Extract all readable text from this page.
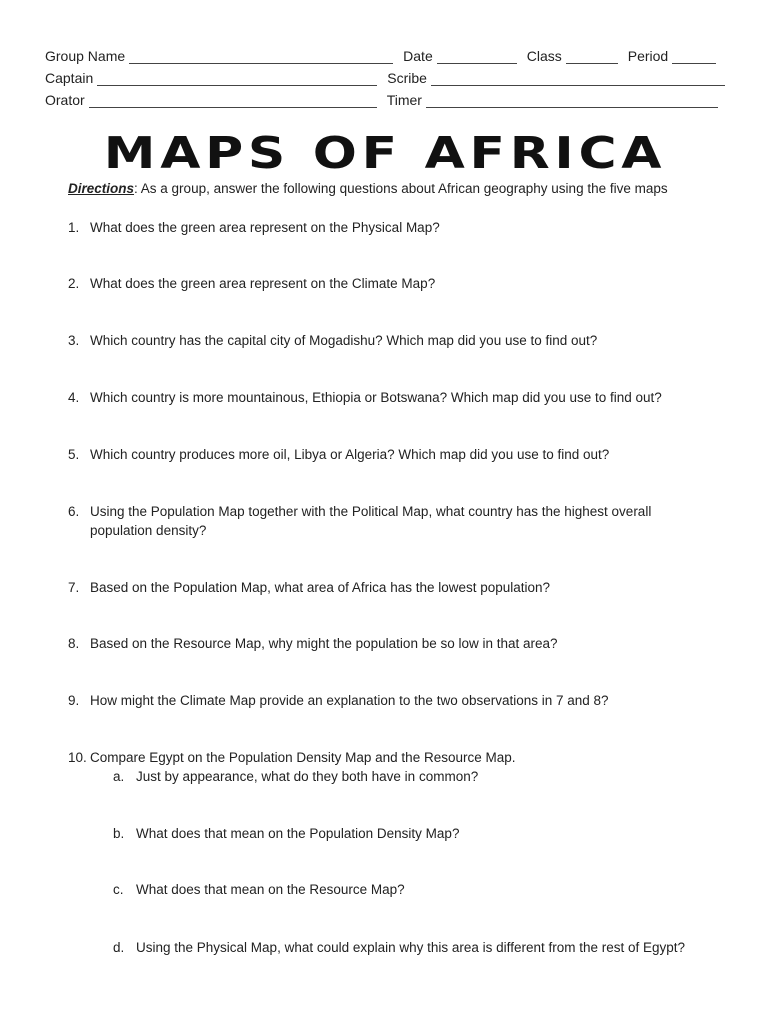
Group Name	Date	Class	Period
Captain	Scribe
Orator	Timer
MAPS OF AFRICA
Directions: As a group, answer the following questions about African geography using the five maps
1. What does the green area represent on the Physical Map?
2. What does the green area represent on the Climate Map?
3. Which country has the capital city of Mogadishu? Which map did you use to find out?
4. Which country is more mountainous, Ethiopia or Botswana? Which map did you use to find out?
5. Which country produces more oil, Libya or Algeria? Which map did you use to find out?
6. Using the Population Map together with the Political Map, what country has the highest overall population density?
7. Based on the Population Map, what area of Africa has the lowest population?
8. Based on the Resource Map, why might the population be so low in that area?
9. How might the Climate Map provide an explanation to the two observations in 7 and 8?
10. Compare Egypt on the Population Density Map and the Resource Map.
a. Just by appearance, what do they both have in common?
b. What does that mean on the Population Density Map?
c. What does that mean on the Resource Map?
d. Using the Physical Map, what could explain why this area is different from the rest of Egypt?
